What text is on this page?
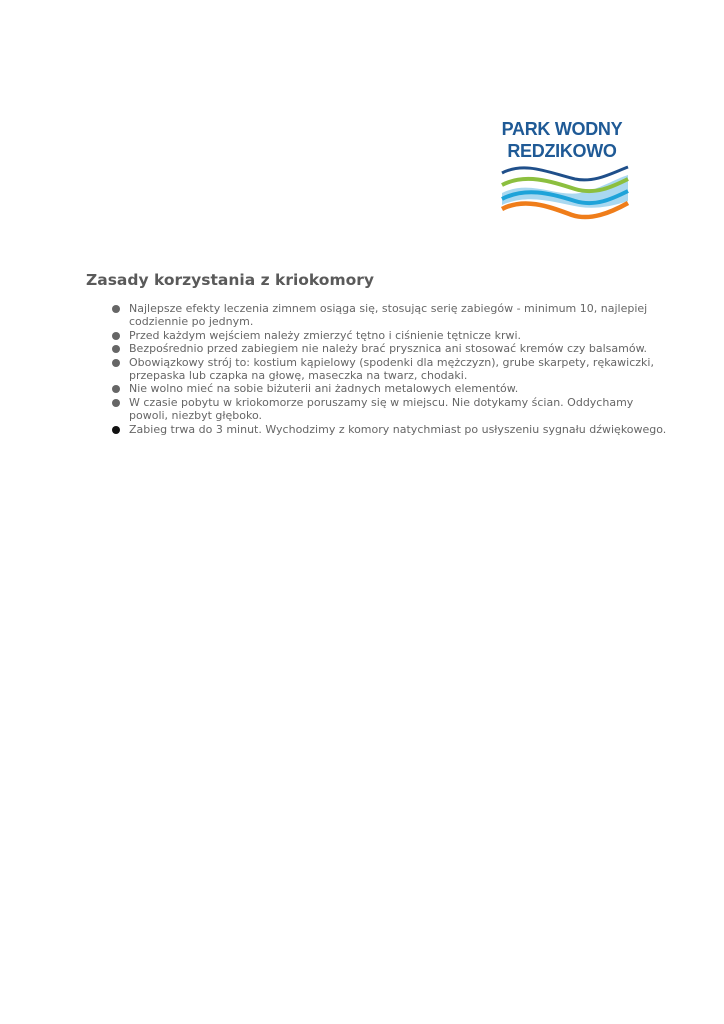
PARK WODNY
REDZIKOWO
Zasady korzystania z kriokomory
Najlepsze efekty leczenia zimnem osiąga się, stosując serię zabiegów - minimum 10, najlepiej codziennie po jednym.
Przed każdym wejściem należy zmierzyć tętno i ciśnienie tętnicze krwi.
Bezpośrednio przed zabiegiem nie należy brać prysznica ani stosować kremów czy balsamów.
Obowiązkowy strój to: kostium kąpielowy (spodenki dla mężczyzn), grube skarpety, rękawiczki, przepaska lub czapka na głowę, maseczka na twarz, chodaki.
Nie wolno mieć na sobie biżuterii ani żadnych metalowych elementów.
W czasie pobytu w kriokomorze poruszamy się w miejscu. Nie dotykamy ścian. Oddychamy powoli, niezbyt głęboko.
Zabieg trwa do 3 minut. Wychodzimy z komory natychmiast po usłyszeniu sygnału dźwiękowego.
